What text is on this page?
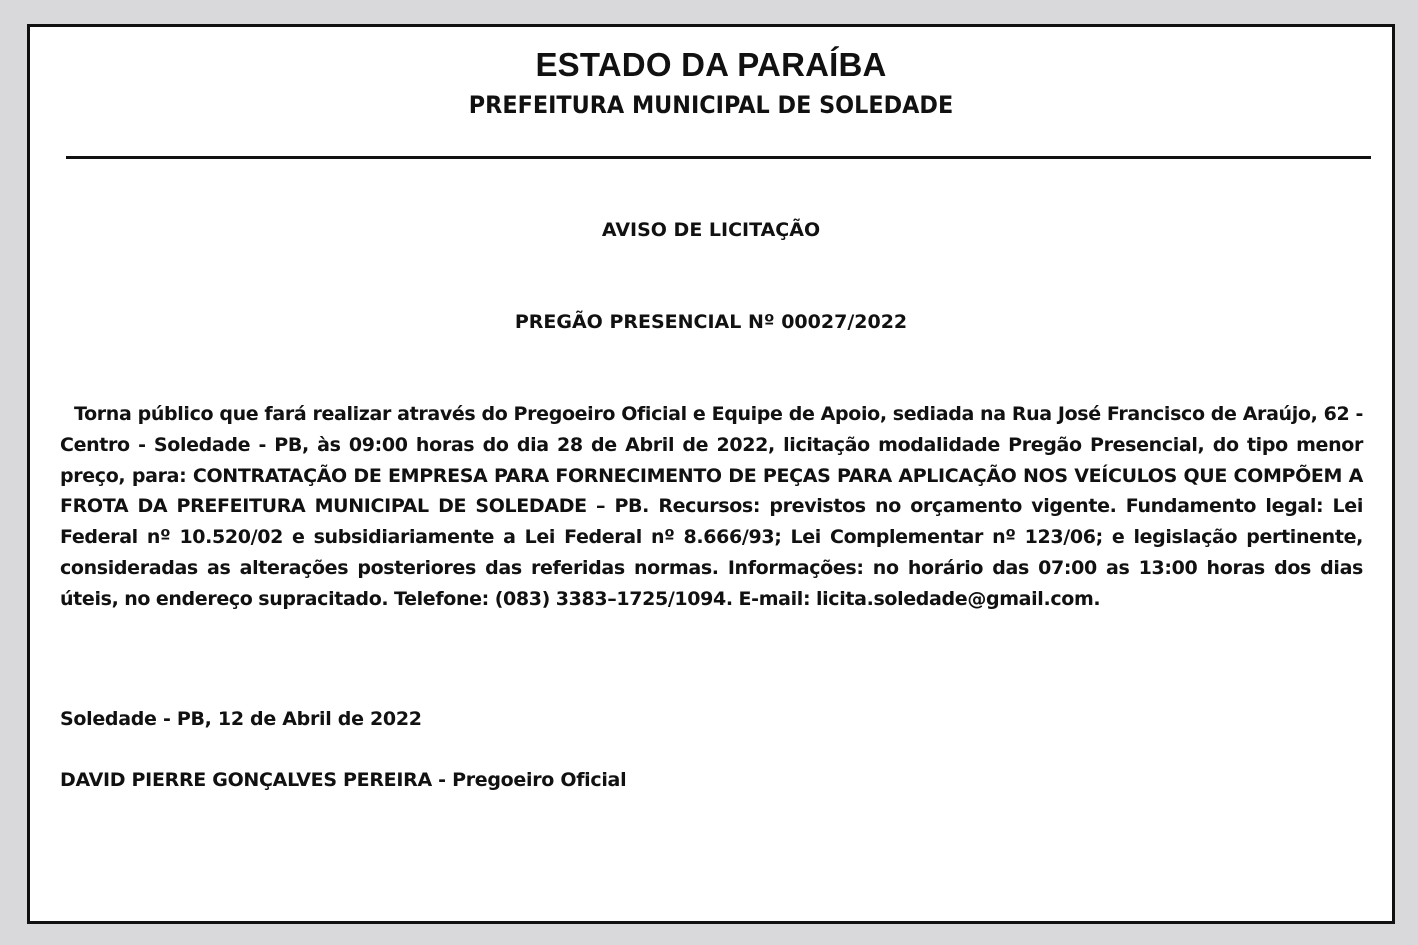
ESTADO DA PARAÍBA
PREFEITURA MUNICIPAL DE SOLEDADE
AVISO DE LICITAÇÃO
PREGÃO PRESENCIAL Nº 00027/2022

Torna público que fará realizar através do Pregoeiro Oficial e Equipe de Apoio, sediada na Rua José Francisco de Araújo, 62 - Centro - Soledade - PB, às 09:00 horas do dia 28 de Abril de 2022, licitação modalidade Pregão Presencial, do tipo menor preço, para: CONTRATAÇÃO DE EMPRESA PARA FORNECIMENTO DE PEÇAS PARA APLICAÇÃO NOS VEÍCULOS QUE COMPÕEM A FROTA DA PREFEITURA MUNICIPAL DE SOLEDADE – PB. Recursos: previstos no orçamento vigente. Fundamento legal: Lei Federal nº 10.520/02 e subsidiariamente a Lei Federal nº 8.666/93; Lei Complementar nº 123/06; e legislação pertinente, consideradas as alterações posteriores das referidas normas. Informações: no horário das 07:00 as 13:00 horas dos dias úteis, no endereço supracitado. Telefone: (083) 3383–1725/1094. E-mail: licita.soledade@gmail.com.

Soledade - PB, 12 de Abril de 2022
DAVID PIERRE GONÇALVES PEREIRA - Pregoeiro Oficial
